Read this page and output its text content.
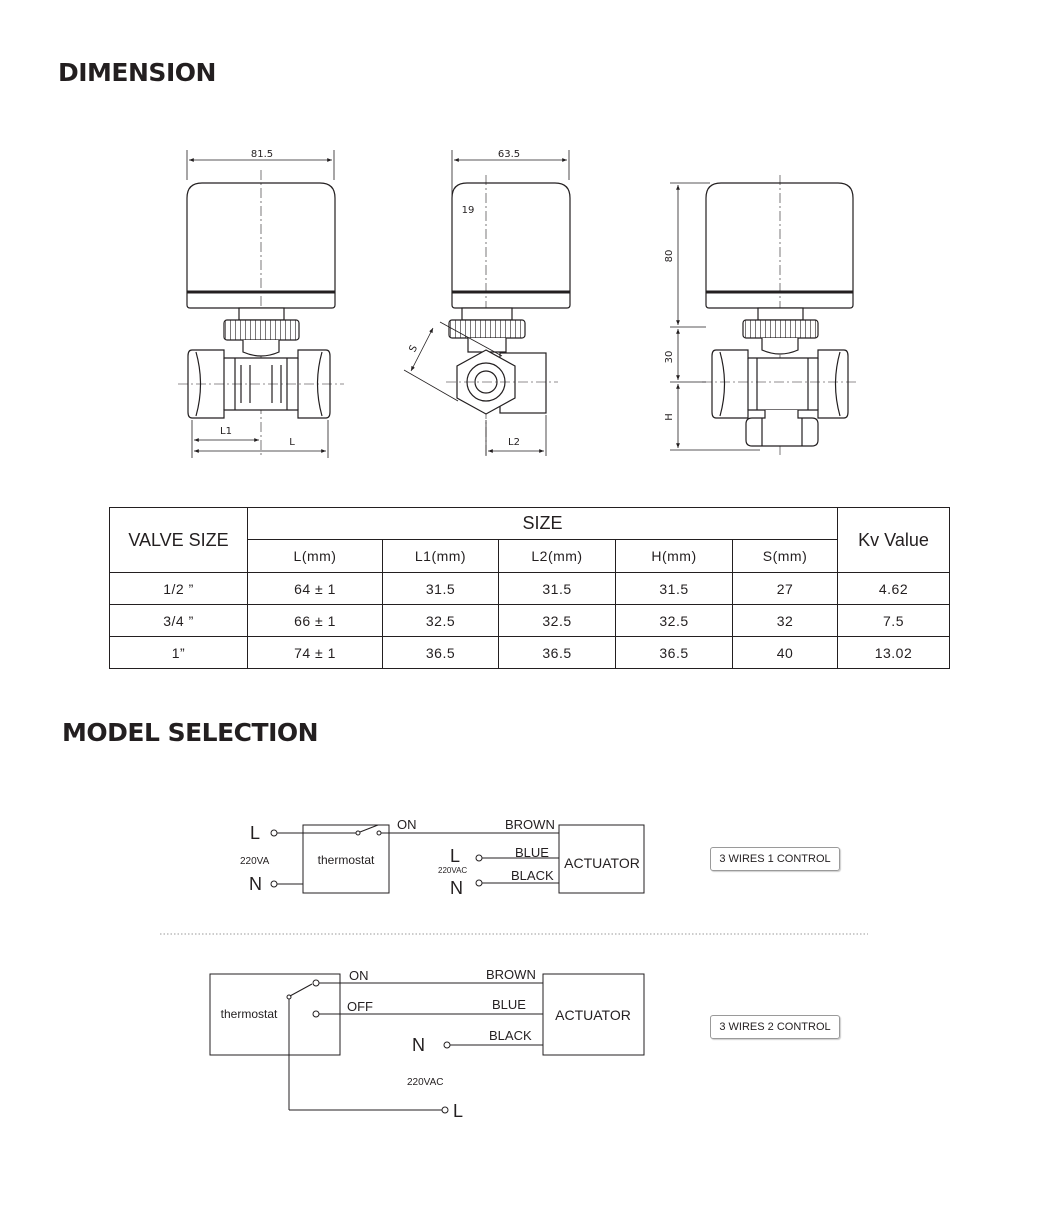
DIMENSION
81.5
L1
L
63.5
19
S
L2
80
30
H
L
N
220VA	thermostat
ON	BROWN
BLUE
BLACK
L
N
220VAC	ACTUATOR
thermostat
ON
OFF
BROWN
BLUE
BLACK
N
220VAC
L
ACTUATOR
VALVE SIZE	SIZE					Kv Value
	L(mm)	L1(mm)	L2(mm)	H(mm)	S(mm)	
1/2 ”	64 ± 1	31.5	31.5	31.5	27	4.62
3/4 ”	66 ± 1	32.5	32.5	32.5	32	7.5
1”	74 ± 1	36.5	36.5	36.5	40	13.02
MODEL SELECTION
3 WIRES 1 CONTROL
3 WIRES 2 CONTROL
